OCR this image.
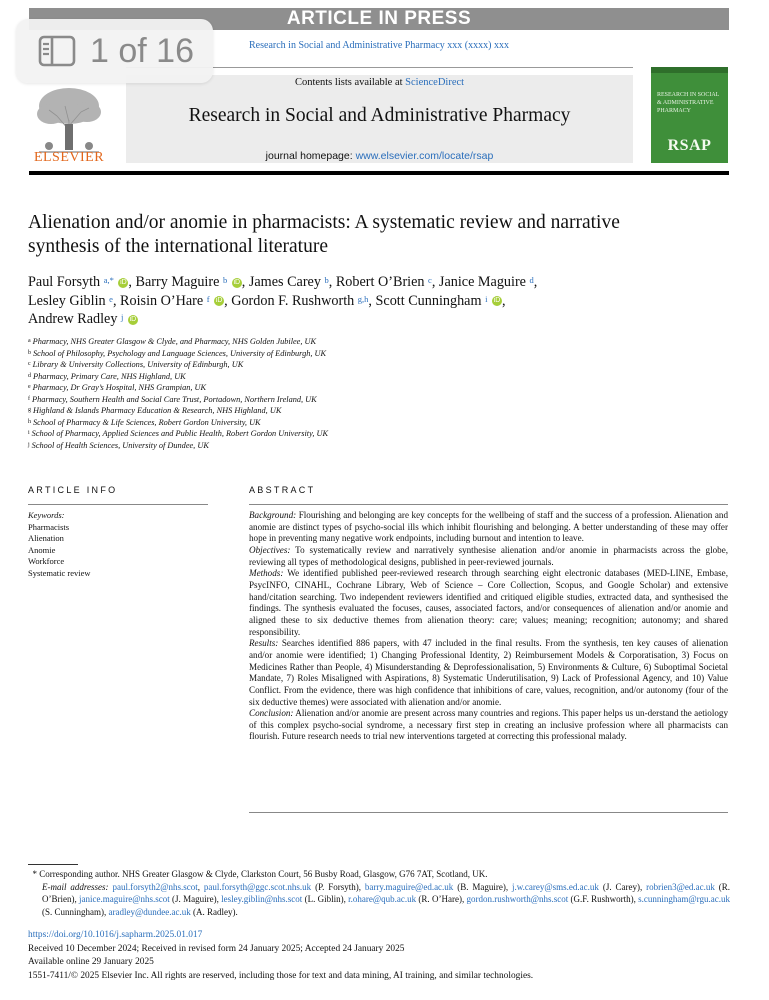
ARTICLE IN PRESS
Research in Social and Administrative Pharmacy xxx (xxxx) xxx
Contents lists available at ScienceDirect
Research in Social and Administrative Pharmacy
journal homepage: www.elsevier.com/locate/rsap
ELSEVIER
RESEARCH IN SOCIAL & ADMINISTRATIVE PHARMACY
RSAP
1 of 16
Alienation and/or anomie in pharmacists: A systematic review and narrative synthesis of the international literature
Paul Forsyth $^{a,*}$ iD , Barry Maguire $^b$ iD , James Carey $^b$, Robert O’Brien $^c$, Janice Maguire $^d$,
Lesley Giblin $^e$, Roisin O’Hare $^f$ iD , Gordon F. Rushworth $^{g,h}$, Scott Cunningham $^i$ iD ,
Andrew Radley $^j$ iD
$^a$ Pharmacy, NHS Greater Glasgow & Clyde, and Pharmacy, NHS Golden Jubilee, UK
$^b$ School of Philosophy, Psychology and Language Sciences, University of Edinburgh, UK
$^c$ Library & University Collections, University of Edinburgh, UK
$^d$ Pharmacy, Primary Care, NHS Highland, UK
$^e$ Pharmacy, Dr Gray’s Hospital, NHS Grampian, UK
$^f$ Pharmacy, Southern Health and Social Care Trust, Portadown, Northern Ireland, UK
$^g$ Highland & Islands Pharmacy Education & Research, NHS Highland, UK
$^h$ School of Pharmacy & Life Sciences, Robert Gordon University, UK
$^i$ School of Pharmacy, Applied Sciences and Public Health, Robert Gordon University, UK
$^j$ School of Health Sciences, University of Dundee, UK
ARTICLE INFO
Keywords:
Pharmacists
Alienation
Anomie
Workforce
Systematic review
ABSTRACT

Background: Flourishing and belonging are key concepts for the wellbeing of staff and the success of a profession. Alienation and anomie are distinct types of psycho-social ills which inhibit flourishing and belonging. A better understanding of these may offer hope in preventing many negative work endpoints, including burnout and intention to leave.

Objectives: To systematically review and narratively synthesise alienation and/or anomie in pharmacists across the globe, reviewing all types of methodological designs, published in peer-reviewed journals.

Methods: We identified published peer-reviewed research through searching eight electronic databases (MED-LINE, Embase, PsycINFO, CINAHL, Cochrane Library, Web of Science – Core Collection, Scopus, and Google Scholar) and extensive hand/citation searching. Two independent reviewers identified and critiqued eligible studies, extracted data, and synthesised the findings. The synthesis evaluated the focuses, causes, associated factors, and/or consequences of alienation and/or anomie and aligned these to six deductive themes from alienation theory: care; values; meaning; recognition; autonomy; and shared responsibility.

Results: Searches identified 886 papers, with 47 included in the final results. From the synthesis, ten key causes of alienation and/or anomie were identified; 1) Changing Professional Identity, 2) Reimbursement Models & Corporatisation, 3) Focus on Medicines Rather than People, 4) Misunderstanding & Deprofessionalisation, 5) Environments & Culture, 6) Suboptimal Societal Mandate, 7) Roles Misaligned with Aspirations, 8) Systematic Underutilisation, 9) Lack of Professional Agency, and 10) Value Conflict. From the evidence, there was high confidence that inhibitions of care, values, recognition, and/or autonomy (four of the six deductive themes) were associated with alienation and/or anomie.

Conclusion: Alienation and/or anomie are present across many countries and regions. This paper helps us un-derstand the aetiology of this complex psycho-social syndrome, a necessary first step in creating an inclusive profession where all pharmacists can flourish. Future research needs to trial new interventions targeted at correcting this professional malady.

* Corresponding author. NHS Greater Glasgow & Clyde, Clarkston Court, 56 Busby Road, Glasgow, G76 7AT, Scotland, UK.

E-mail addresses: paul.forsyth2@nhs.scot, paul.forsyth@ggc.scot.nhs.uk (P. Forsyth), barry.maguire@ed.ac.uk (B. Maguire), j.w.carey@sms.ed.ac.uk (J. Carey), robrien3@ed.ac.uk (R. O’Brien), janice.maguire@nhs.scot (J. Maguire), lesley.giblin@nhs.scot (L. Giblin), r.ohare@qub.ac.uk (R. O’Hare), gordon.rushworth@nhs.scot (G.F. Rushworth), s.cunningham@rgu.ac.uk (S. Cunningham), aradley@dundee.ac.uk (A. Radley).

https://doi.org/10.1016/j.sapharm.2025.01.017
Received 10 December 2024; Received in revised form 24 January 2025; Accepted 24 January 2025
Available online 29 January 2025
1551-7411/© 2025 Elsevier Inc. All rights are reserved, including those for text and data mining, AI training, and similar technologies.
